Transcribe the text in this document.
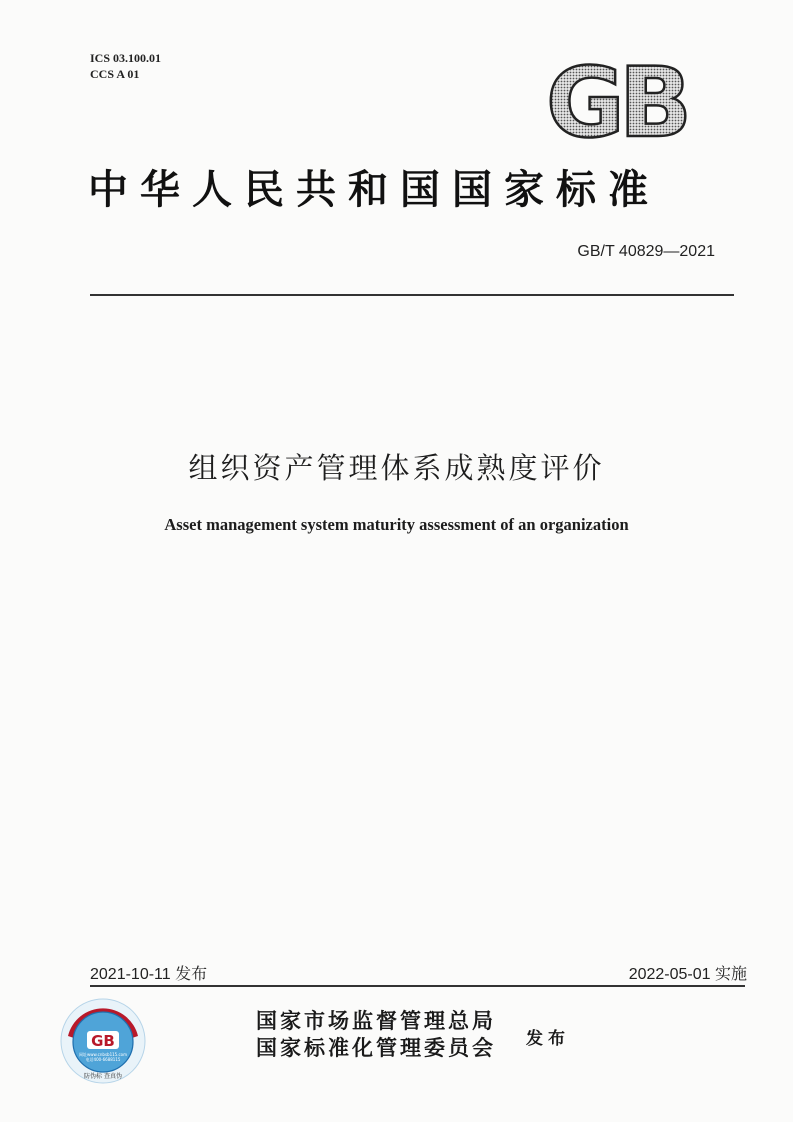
ICS 03.100.01
CCS A 01	GB
中华人民共和国国家标准
GB/T 40829—2021
组织资产管理体系成熟度评价
Asset management system maturity assessment of an organization
2021-10-11 发布	2022-05-01 实施
GB
网址www.cnbsb115.com
电话400-6688115
防伪标 查真伪
国家市场监督管理总局
国家标准化管理委员会 发布
